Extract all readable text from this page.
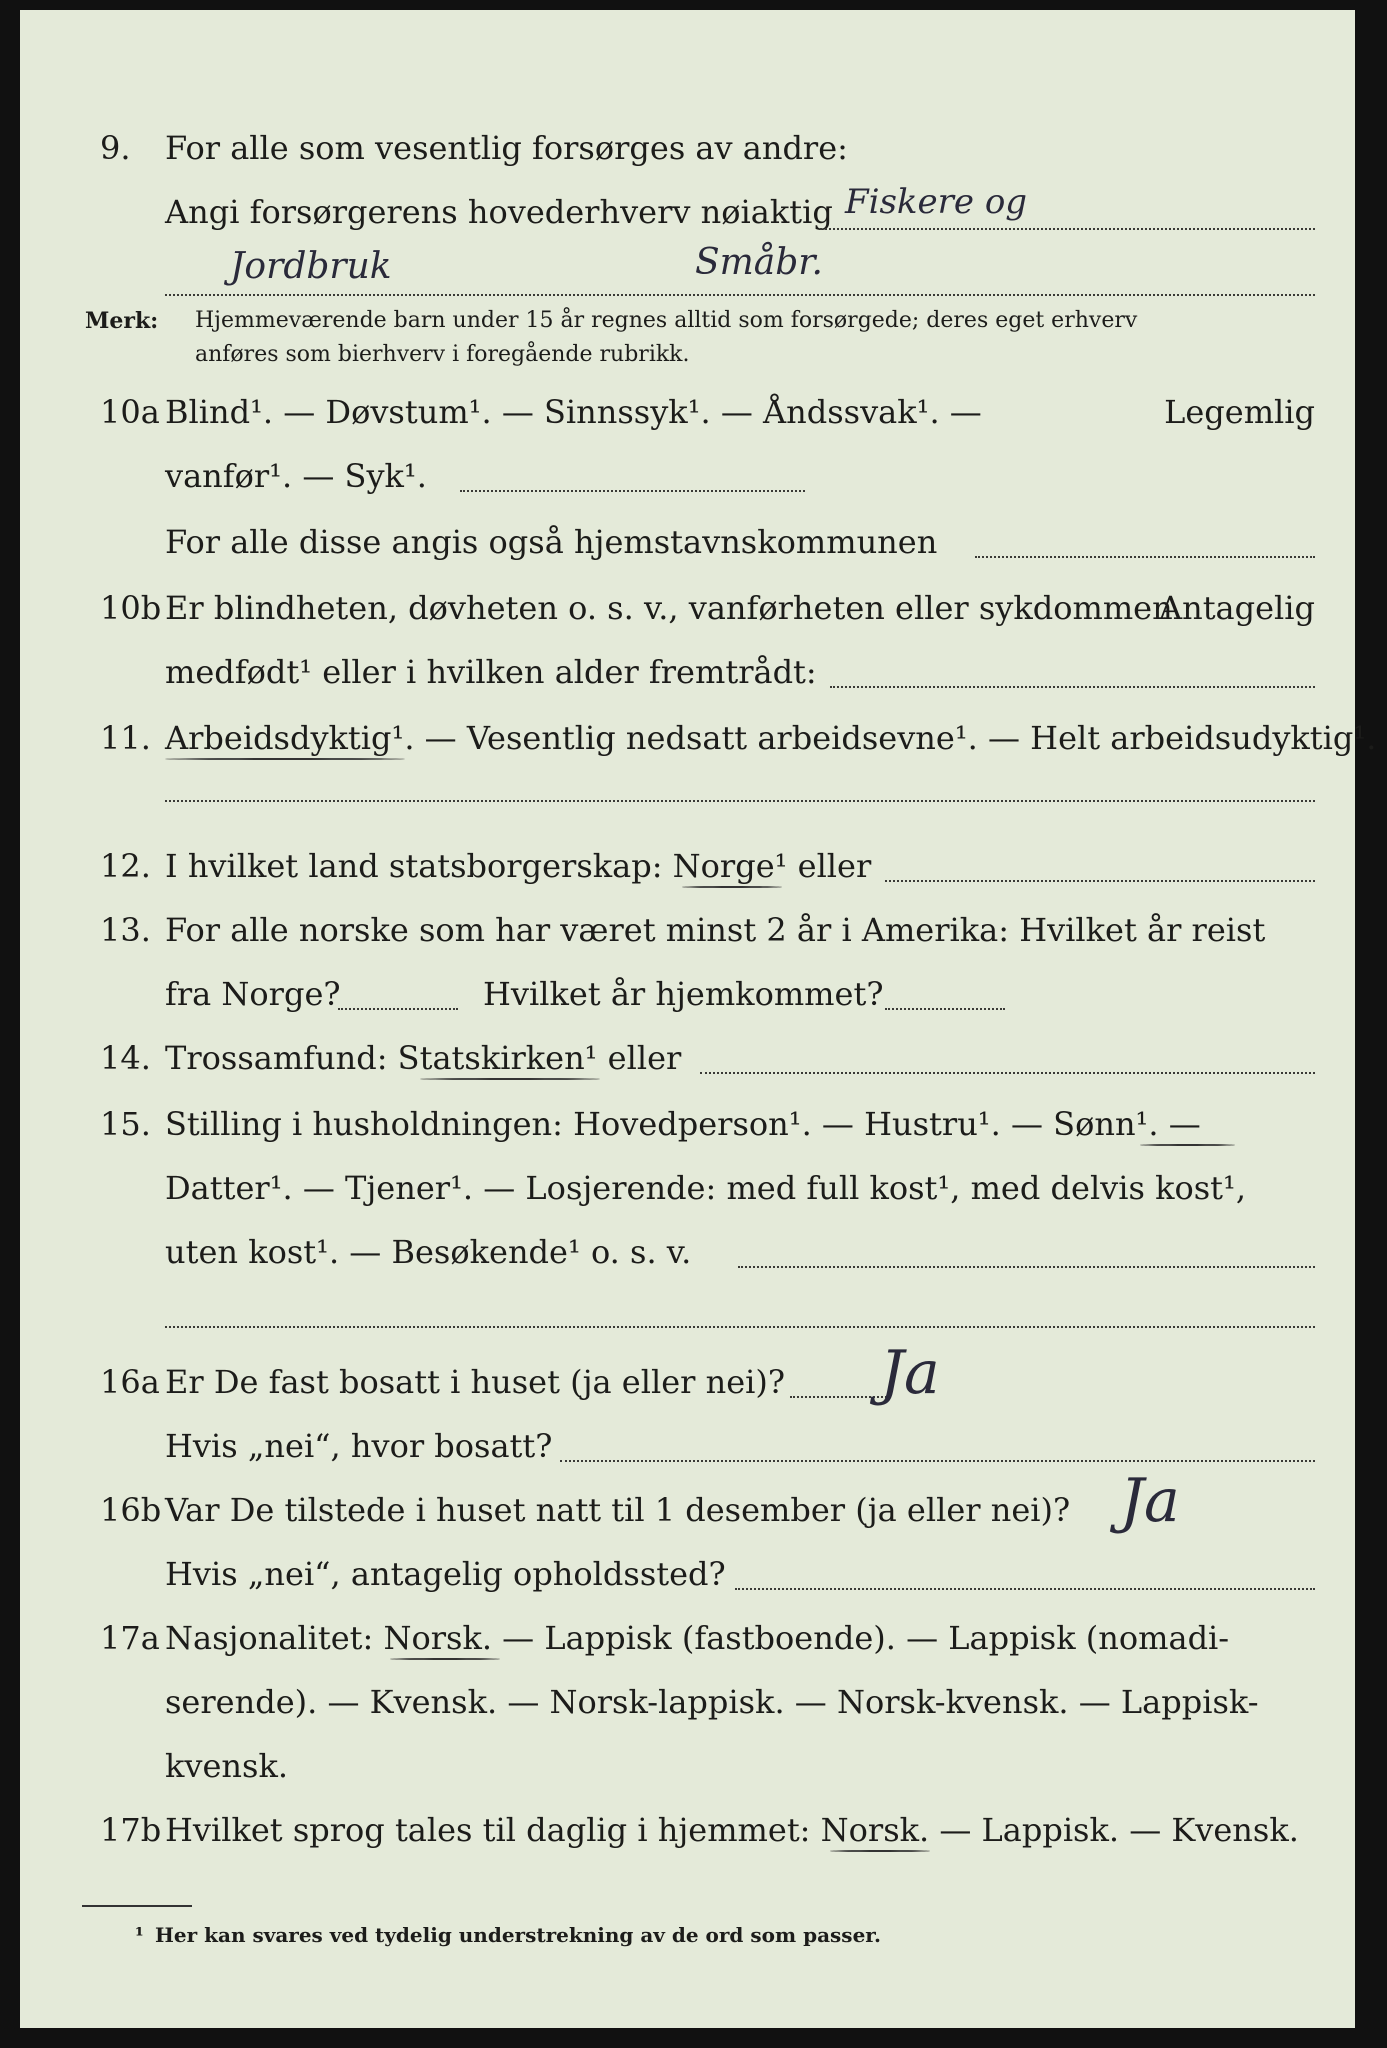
9. For alle som vesentlig forsørges av andre:
Angi forsørgerens hovederhverv nøiaktig Fiskere og
Jordbruk	Småbr.
Merk: Hjemmeværende barn under 15 år regnes alltid som forsørgede; deres eget erhverv
anføres som bierhverv i foregående rubrikk.
10a Blind¹. — Døvstum¹. — Sinnssyk¹. — Åndssvak¹. —	Legemlig
vanfør¹. — Syk¹.
For alle disse angis også hjemstavnskommunen
10b Er blindheten, døvheten o. s. v., vanførheten eller sykdommen
Antagelig
medfødt¹ eller i hvilken alder fremtrådt:
11. Arbeidsdyktig¹. — Vesentlig nedsatt arbeidsevne¹. — Helt arbeidsudyktig¹.
12. I hvilket land statsborgerskap: Norge¹ eller
13. For alle norske som har været minst 2 år i Amerika: Hvilket år reist
fra Norge?	Hvilket år hjemkommet?
14. Trossamfund: Statskirken¹ eller
15. Stilling i husholdningen: Hovedperson¹. — Hustru¹. — Sønn¹. —
Datter¹. — Tjener¹. — Losjerende: med full kost¹, med delvis kost¹,
uten kost¹. — Besøkende¹ o. s. v.
16a Er De fast bosatt i huset (ja eller nei)? Ja
Hvis „nei“, hvor bosatt?
16b Var De tilstede i huset natt til 1 desember (ja eller nei)? Ja
Hvis „nei“, antagelig opholdssted?
17a Nasjonalitet: Norsk. — Lappisk (fastboende). — Lappisk (nomadi-
serende). — Kvensk. — Norsk-lappisk. — Norsk-kvensk. — Lappisk-
kvensk.
17b Hvilket sprog tales til daglig i hjemmet: Norsk. — Lappisk. — Kvensk.
¹ Her kan svares ved tydelig understrekning av de ord som passer.
